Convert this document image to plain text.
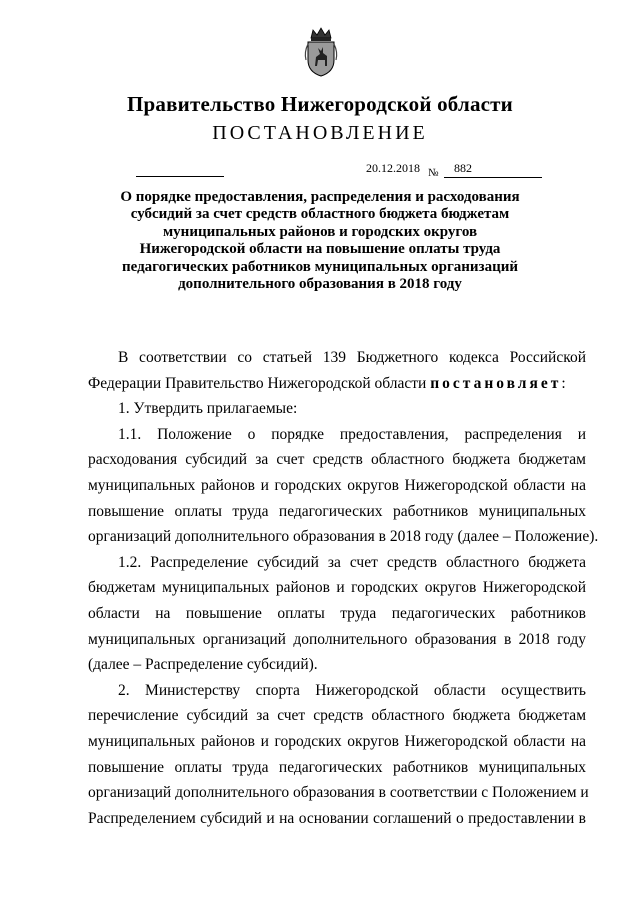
Правительство Нижегородской области
ПОСТАНОВЛЕНИЕ
20.12.2018 № 882
О порядке предоставления, распределения и расходования
субсидий за счет средств областного бюджета бюджетам
муниципальных районов и городских округов
Нижегородской области на повышение оплаты труда
педагогических работников муниципальных организаций
дополнительного образования в 2018 году
В соответствии со статьей 139 Бюджетного кодекса Российской
Федерации Правительство Нижегородской области постановляет:
1. Утвердить прилагаемые:
1.1. Положение о порядке предоставления, распределения и
расходования субсидий за счет средств областного бюджета бюджетам
муниципальных районов и городских округов Нижегородской области на
повышение оплаты труда педагогических работников муниципальных
организаций дополнительного образования в 2018 году (далее – Положение).
1.2. Распределение субсидий за счет средств областного бюджета
бюджетам муниципальных районов и городских округов Нижегородской
области на повышение оплаты труда педагогических работников
муниципальных организаций дополнительного образования в 2018 году
(далее – Распределение субсидий).
2. Министерству спорта Нижегородской области осуществить
перечисление субсидий за счет средств областного бюджета бюджетам
муниципальных районов и городских округов Нижегородской области на
повышение оплаты труда педагогических работников муниципальных
организаций дополнительного образования в соответствии с Положением и
Распределением субсидий и на основании соглашений о предоставлении в
